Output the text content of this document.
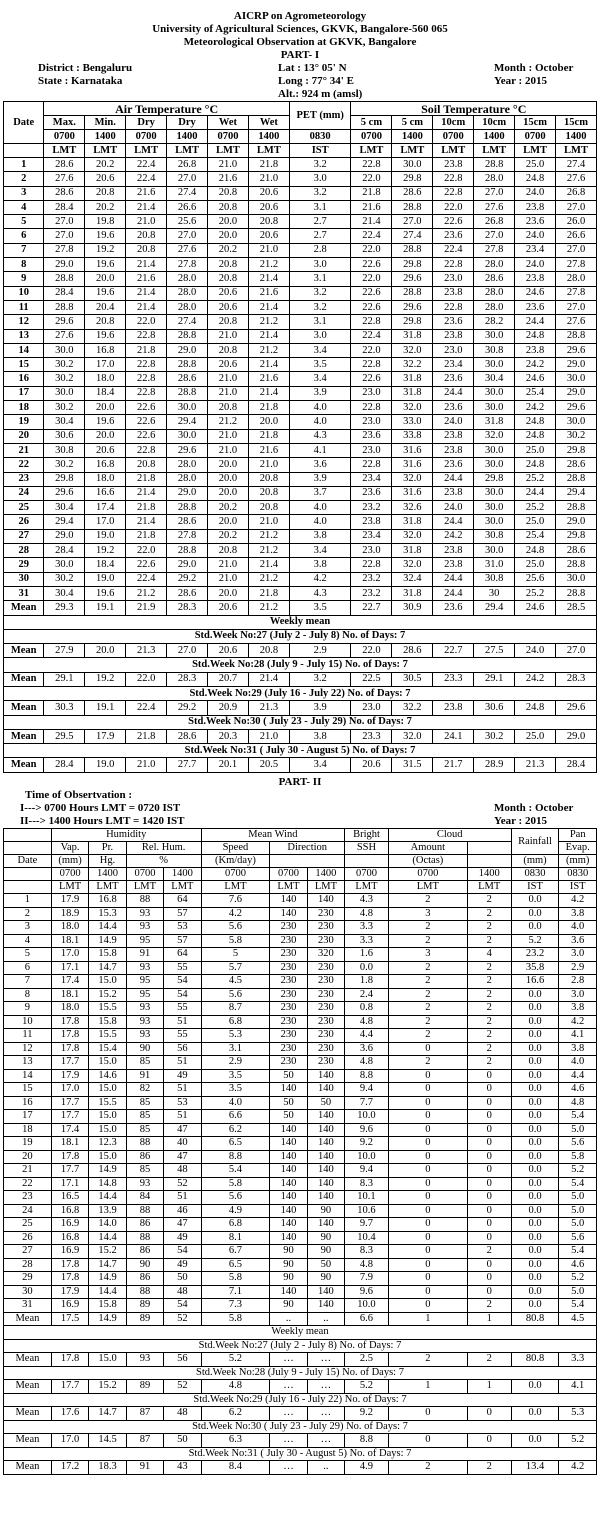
AICRP on Agrometeorology
University of Agricultural Sciences, GKVK, Bangalore-560 065
Meteorological Observation at GKVK, Bangalore
PART- I
District : Bengaluru
State : Karnataka
Lat : 13° 05' N
Long : 77° 34' E
Alt.: 924 m (amsl)
Month : October
Year : 2015
Date	Air Temperature °C						PET (mm)	Soil Temperature °C					
	Max.	Min.	Dry	Dry	Wet	Wet		5 cm	5 cm	10cm	10cm	15cm	15cm
	0700	1400	0700	1400	0700	1400	0830	0700	1400	0700	1400	0700	1400
	LMT	LMT	LMT	LMT	LMT	LMT	IST	LMT	LMT	LMT	LMT	LMT	LMT
1	28.6	20.2	22.4	26.8	21.0	21.8	3.2	22.8	30.0	23.8	28.8	25.0	27.4
2	27.6	20.6	22.4	27.0	21.6	21.0	3.0	22.0	29.8	22.8	28.0	24.8	27.6
3	28.6	20.8	21.6	27.4	20.8	20.6	3.2	21.8	28.6	22.8	27.0	24.0	26.8
4	28.4	20.2	21.4	26.6	20.8	20.6	3.1	21.6	28.8	22.0	27.6	23.8	27.0
5	27.0	19.8	21.0	25.6	20.0	20.8	2.7	21.4	27.0	22.6	26.8	23.6	26.0
6	27.0	19.6	20.8	27.0	20.0	20.6	2.7	22.4	27.4	23.6	27.0	24.0	26.6
7	27.8	19.2	20.8	27.6	20.2	21.0	2.8	22.0	28.8	22.4	27.8	23.4	27.0
8	29.0	19.6	21.4	27.8	20.8	21.2	3.0	22.6	29.8	22.8	28.0	24.0	27.8
9	28.8	20.0	21.6	28.0	20.8	21.4	3.1	22.0	29.6	23.0	28.6	23.8	28.0
10	28.4	19.6	21.4	28.0	20.6	21.6	3.2	22.6	28.8	23.8	28.0	24.6	27.8
11	28.8	20.4	21.4	28.0	20.6	21.4	3.2	22.6	29.6	22.8	28.0	23.6	27.0
12	29.6	20.8	22.0	27.4	20.8	21.2	3.1	22.8	29.8	23.6	28.2	24.4	27.6
13	27.6	19.6	22.8	28.8	21.0	21.4	3.0	22.4	31.8	23.8	30.0	24.8	28.8
14	30.0	16.8	21.8	29.0	20.8	21.2	3.4	22.0	32.0	23.0	30.8	23.8	29.6
15	30.2	17.0	22.8	28.8	20.6	21.4	3.5	22.8	32.2	23.4	30.0	24.2	29.0
16	30.2	18.0	22.8	28.6	21.0	21.6	3.4	22.6	31.8	23.6	30.4	24.6	30.0
17	30.0	18.4	22.8	28.8	21.0	21.4	3.9	23.0	31.8	24.4	30.0	25.4	29.0
18	30.2	20.0	22.6	30.0	20.8	21.8	4.0	22.8	32.0	23.6	30.0	24.2	29.6
19	30.4	19.6	22.6	29.4	21.2	20.0	4.0	23.0	33.0	24.0	31.8	24.8	30.0
20	30.6	20.0	22.6	30.0	21.0	21.8	4.3	23.6	33.8	23.8	32.0	24.8	30.2
21	30.8	20.6	22.8	29.6	21.0	21.6	4.1	23.0	31.6	23.8	30.0	25.0	29.8
22	30.2	16.8	20.8	28.0	20.0	21.0	3.6	22.8	31.6	23.6	30.0	24.8	28.6
23	29.8	18.0	21.8	28.0	20.0	20.8	3.9	23.4	32.0	24.4	29.8	25.2	28.8
24	29.6	16.6	21.4	29.0	20.0	20.8	3.7	23.6	31.6	23.8	30.0	24.4	29.4
25	30.4	17.4	21.8	28.8	20.2	20.8	4.0	23.2	32.6	24.0	30.0	25.2	28.8
26	29.4	17.0	21.4	28.6	20.0	21.0	4.0	23.8	31.8	24.4	30.0	25.0	29.0
27	29.0	19.0	21.8	27.8	20.2	21.2	3.8	23.4	32.0	24.2	30.8	25.4	29.8
28	28.4	19.2	22.0	28.8	20.8	21.2	3.4	23.0	31.8	23.8	30.0	24.8	28.6
29	30.0	18.4	22.6	29.0	21.0	21.4	3.8	22.8	32.0	23.8	31.0	25.0	28.8
30	30.2	19.0	22.4	29.2	21.0	21.2	4.2	23.2	32.4	24.4	30.8	25.6	30.0
31	30.4	19.6	21.2	28.6	20.0	21.8	4.3	23.2	31.8	24.4	30	25.2	28.8
Mean	29.3	19.1	21.9	28.3	20.6	21.2	3.5	22.7	30.9	23.6	29.4	24.6	28.5
Weekly mean													
Std.Week No:27 (July 2 - July 8) No. of Days: 7													
Mean	27.9	20.0	21.3	27.0	20.6	20.8	2.9	22.0	28.6	22.7	27.5	24.0	27.0
Std.Week No:28 (July 9 - July 15) No. of Days: 7													
Mean	29.1	19.2	22.0	28.3	20.7	21.4	3.2	22.5	30.5	23.3	29.1	24.2	28.3
Std.Week No:29 (July 16 - July 22) No. of Days: 7													
Mean	30.3	19.1	22.4	29.2	20.9	21.3	3.9	23.0	32.2	23.8	30.6	24.8	29.6
Std.Week No:30 ( July 23 - July 29) No. of Days: 7													
Mean	29.5	17.9	21.8	28.6	20.3	21.0	3.8	23.3	32.0	24.1	30.2	25.0	29.0
Std.Week No:31 ( July 30 - August 5) No. of Days: 7													
Mean	28.4	19.0	21.0	27.7	20.1	20.5	3.4	20.6	31.5	21.7	28.9	21.3	28.4
PART- II
Time of Obsertvation :
I---> 0700 Hours LMT = 0720 IST
II---> 1400 Hours LMT = 1420 IST
Month : October
Year : 2015
	Humidity				Mean Wind			Bright	Cloud		Rainfall	Pan
	Vap.	Pr.	Rel. Hum.		Speed	Direction		SSH	Amount			Evap.
Date	(mm)	Hg.	%		(Km/day)				(Octas)		(mm)	(mm)
	0700	1400	0700	1400	0700	0700	1400	0700	0700	1400	0830	0830
	LMT	LMT	LMT	LMT	LMT	LMT	LMT	LMT	LMT	LMT	IST	IST
1	17.9	16.8	88	64	7.6	140	140	4.3	2	2	0.0	4.2
2	18.9	15.3	93	57	4.2	140	230	4.8	3	2	0.0	3.8
3	18.0	14.4	93	53	5.6	230	230	3.3	2	2	0.0	4.0
4	18.1	14.9	95	57	5.8	230	230	3.3	2	2	5.2	3.6
5	17.0	15.8	91	64	5	230	320	1.6	3	4	23.2	3.0
6	17.1	14.7	93	55	5.7	230	230	0.0	2	2	35.8	2.9
7	17.4	15.0	95	54	4.5	230	230	1.8	2	2	16.6	2.8
8	18.1	15.2	95	54	5.6	230	230	2.4	2	2	0.0	3.0
9	18.0	15.5	93	55	8.7	230	230	0.8	2	2	0.0	3.8
10	17.8	15.8	93	51	6.8	230	230	4.8	2	2	0.0	4.2
11	17.8	15.5	93	55	5.3	230	230	4.4	2	2	0.0	4.1
12	17.8	15.4	90	56	3.1	230	230	3.6	0	2	0.0	3.8
13	17.7	15.0	85	51	2.9	230	230	4.8	2	2	0.0	4.0
14	17.9	14.6	91	49	3.5	50	140	8.8	0	0	0.0	4.4
15	17.0	15.0	82	51	3.5	140	140	9.4	0	0	0.0	4.6
16	17.7	15.5	85	53	4.0	50	50	7.7	0	0	0.0	4.8
17	17.7	15.0	85	51	6.6	50	140	10.0	0	0	0.0	5.4
18	17.4	15.0	85	47	6.2	140	140	9.6	0	0	0.0	5.0
19	18.1	12.3	88	40	6.5	140	140	9.2	0	0	0.0	5.6
20	17.8	15.0	86	47	8.8	140	140	10.0	0	0	0.0	5.8
21	17.7	14.9	85	48	5.4	140	140	9.4	0	0	0.0	5.2
22	17.1	14.8	93	52	5.8	140	140	8.3	0	0	0.0	5.4
23	16.5	14.4	84	51	5.6	140	140	10.1	0	0	0.0	5.0
24	16.8	13.9	88	46	4.9	140	90	10.6	0	0	0.0	5.0
25	16.9	14.0	86	47	6.8	140	140	9.7	0	0	0.0	5.0
26	16.8	14.4	88	49	8.1	140	90	10.4	0	0	0.0	5.6
27	16.9	15.2	86	54	6.7	90	90	8.3	0	2	0.0	5.4
28	17.8	14.7	90	49	6.5	90	50	4.8	0	0	0.0	4.6
29	17.8	14.9	86	50	5.8	90	90	7.9	0	0	0.0	5.2
30	17.9	14.4	88	48	7.1	140	140	9.6	0	0	0.0	5.0
31	16.9	15.8	89	54	7.3	90	140	10.0	0	2	0.0	5.4
Mean	17.5	14.9	89	52	5.8	..	..	6.6	1	1	80.8	4.5
Weekly mean												
Std.Week No:27 (July 2 - July 8) No. of Days: 7												
Mean	17.8	15.0	93	56	5.2	…	…	2.5	2	2	80.8	3.3
Std.Week No:28 (July 9 - July 15) No. of Days: 7												
Mean	17.7	15.2	89	52	4.8	…	…	5.2	1	1	0.0	4.1
Std.Week No:29 (July 16 - July 22) No. of Days: 7												
Mean	17.6	14.7	87	48	6.2	…	…	9.2	0	0	0.0	5.3
Std.Week No:30 ( July 23 - July 29) No. of Days: 7												
Mean	17.0	14.5	87	50	6.3	…	…	8.8	0	0	0.0	5.2
Std.Week No:31 ( July 30 - August 5) No. of Days: 7												
Mean	17.2	18.3	91	43	8.4	…	..	4.9	2	2	13.4	4.2
